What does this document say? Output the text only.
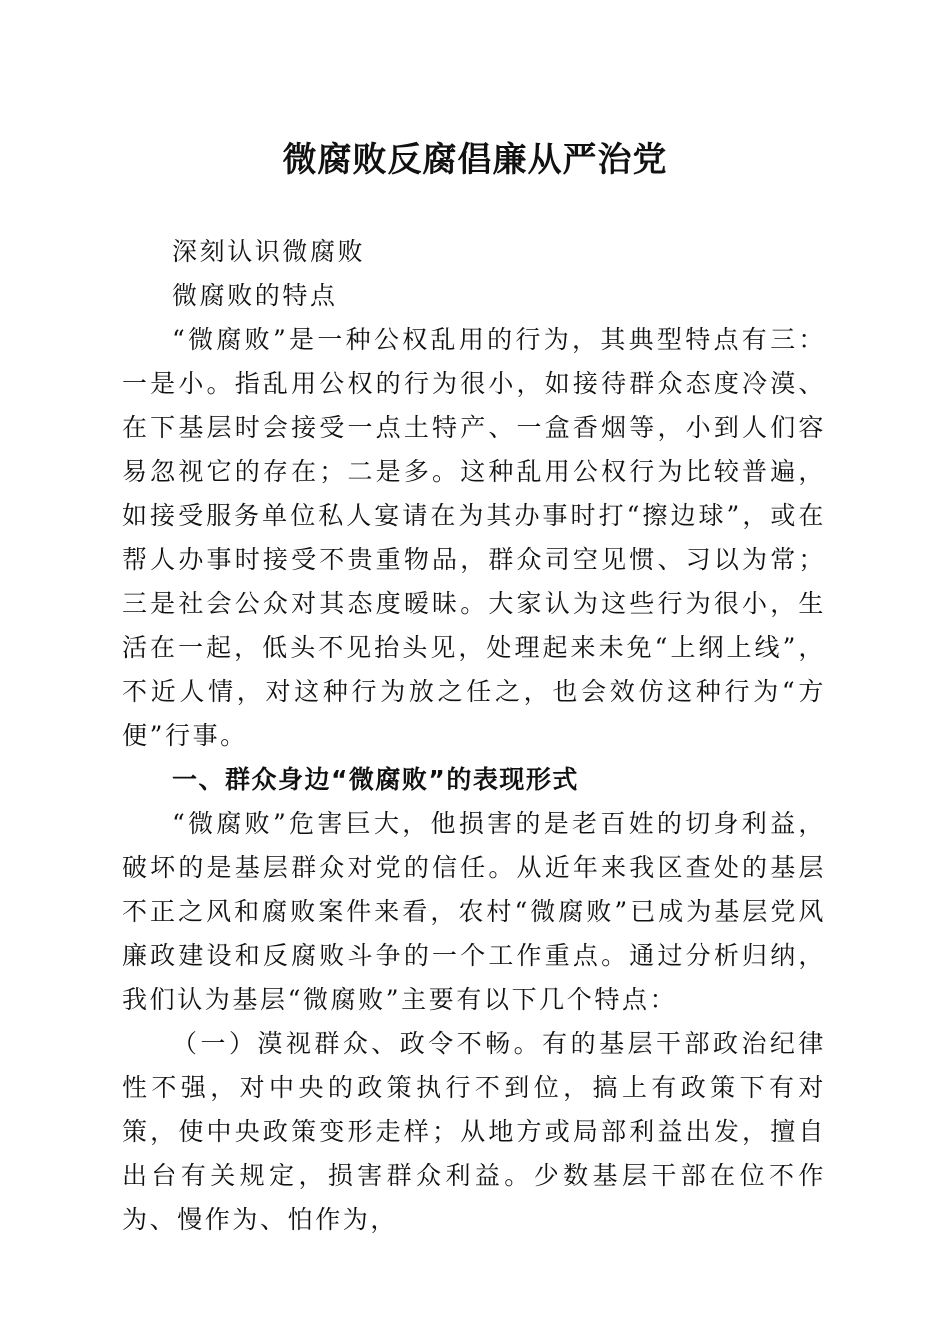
微腐败反腐倡廉从严治党

深刻认识微腐败

微腐败的特点

“微腐败”是一种公权乱用的行为，其典型特点有三：一是小。指乱用公权的行为很小，如接待群众态度冷漠、在下基层时会接受一点土特产、一盒香烟等，小到人们容易忽视它的存在；二是多。这种乱用公权行为比较普遍，如接受服务单位私人宴请在为其办事时打“擦边球”，或在帮人办事时接受不贵重物品，群众司空见惯、习以为常；三是社会公众对其态度暧昧。大家认为这些行为很小，生活在一起，低头不见抬头见，处理起来未免“上纲上线”，不近人情，对这种行为放之任之，也会效仿这种行为“方便”行事。

一、群众身边“微腐败”的表现形式

“微腐败”危害巨大，他损害的是老百姓的切身利益，破坏的是基层群众对党的信任。从近年来我区查处的基层不正之风和腐败案件来看，农村“微腐败”已成为基层党风廉政建设和反腐败斗争的一个工作重点。通过分析归纳，我们认为基层“微腐败”主要有以下几个特点：

（一）漠视群众、政令不畅。有的基层干部政治纪律性不强，对中央的政策执行不到位，搞上有政策下有对策，使中央政策变形走样；从地方或局部利益出发，擅自出台有关规定，损害群众利益。少数基层干部在位不作为、慢作为、怕作为，
